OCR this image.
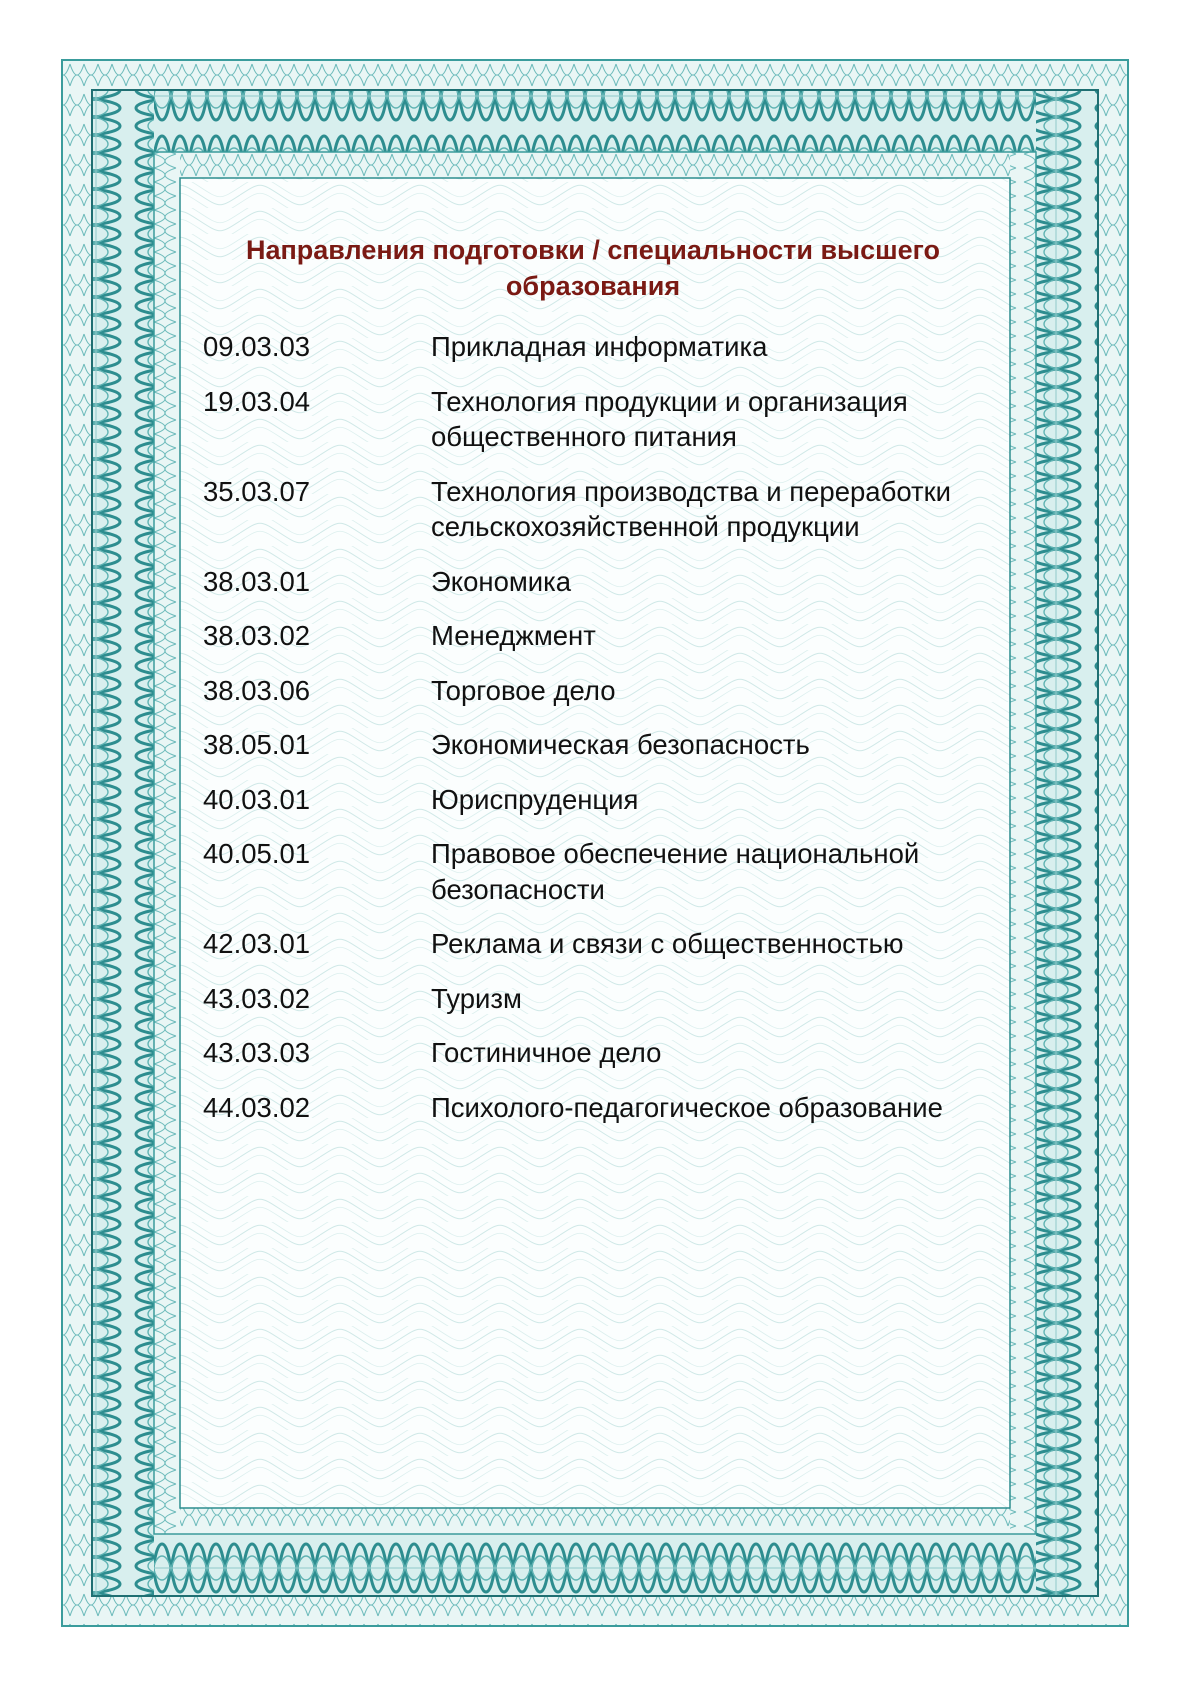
Направления подготовки / специальности высшего
образования
09.03.03	Прикладная информатика
19.03.04	Технология продукции и организация общественного питания
35.03.07	Технология производства и переработки сельскохозяйственной продукции
38.03.01	Экономика
38.03.02	Менеджмент
38.03.06	Торговое дело
38.05.01	Экономическая безопасность
40.03.01	Юриспруденция
40.05.01	Правовое обеспечение национальной безопасности
42.03.01	Реклама и связи с общественностью
43.03.02	Туризм
43.03.03	Гостиничное дело
44.03.02	Психолого-педагогическое образование
